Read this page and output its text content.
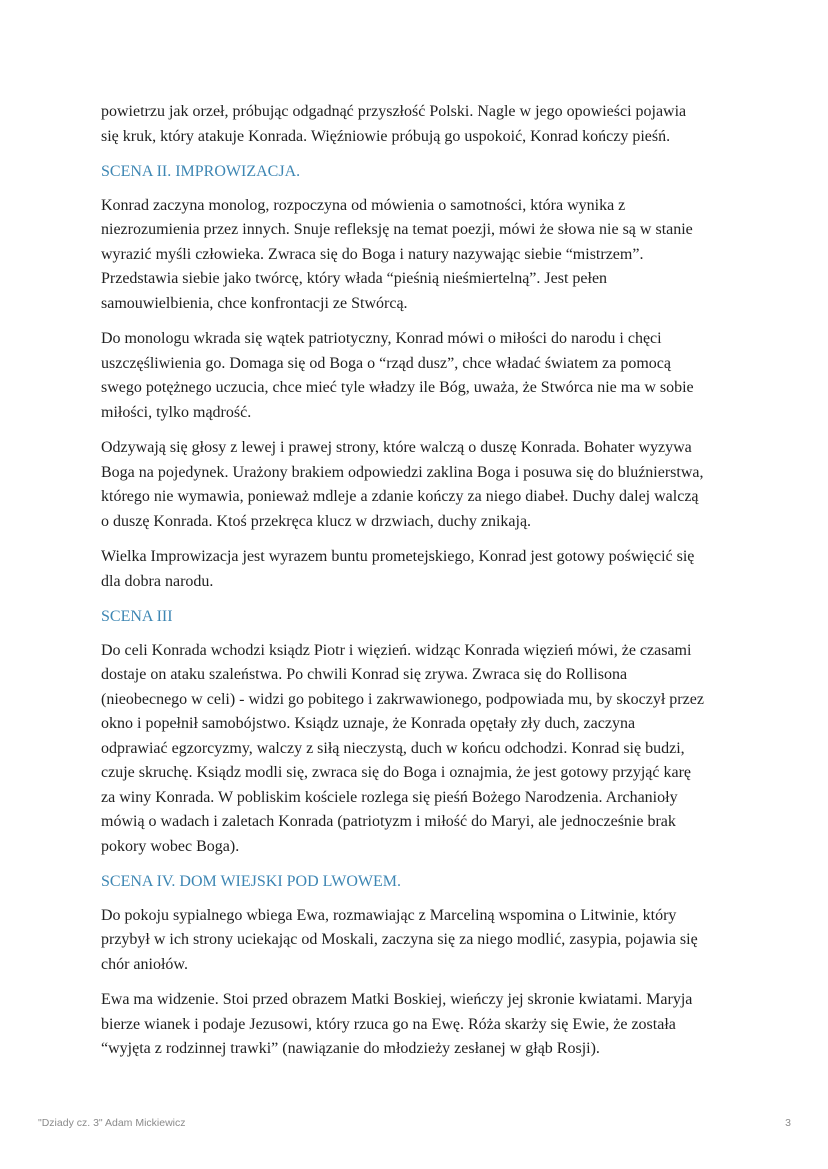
powietrzu jak orzeł, próbując odgadnąć przyszłość Polski. Nagle w jego opowieści pojawia
się kruk, który atakuje Konrada. Więźniowie próbują go uspokoić, Konrad kończy pieśń.
SCENA II. IMPROWIZACJA.
Konrad zaczyna monolog, rozpoczyna od mówienia o samotności, która wynika z
niezrozumienia przez innych. Snuje refleksję na temat poezji, mówi że słowa nie są w stanie
wyrazić myśli człowieka. Zwraca się do Boga i natury nazywając siebie “mistrzem”.
Przedstawia siebie jako twórcę, który włada “pieśnią nieśmiertelną”. Jest pełen
samouwielbienia, chce konfrontacji ze Stwórcą.
Do monologu wkrada się wątek patriotyczny, Konrad mówi o miłości do narodu i chęci
uszczęśliwienia go. Domaga się od Boga o “rząd dusz”, chce władać światem za pomocą
swego potężnego uczucia, chce mieć tyle władzy ile Bóg, uważa, że Stwórca nie ma w sobie
miłości, tylko mądrość.
Odzywają się głosy z lewej i prawej strony, które walczą o duszę Konrada. Bohater wyzywa
Boga na pojedynek. Urażony brakiem odpowiedzi zaklina Boga i posuwa się do bluźnierstwa,
którego nie wymawia, ponieważ mdleje a zdanie kończy za niego diabeł. Duchy dalej walczą
o duszę Konrada. Ktoś przekręca klucz w drzwiach, duchy znikają.
Wielka Improwizacja jest wyrazem buntu prometejskiego, Konrad jest gotowy poświęcić się
dla dobra narodu.
SCENA III
Do celi Konrada wchodzi ksiądz Piotr i więzień. widząc Konrada więzień mówi, że czasami
dostaje on ataku szaleństwa. Po chwili Konrad się zrywa. Zwraca się do Rollisona
(nieobecnego w celi) - widzi go pobitego i zakrwawionego, podpowiada mu, by skoczył przez
okno i popełnił samobójstwo. Ksiądz uznaje, że Konrada opętały zły duch, zaczyna
odprawiać egzorcyzmy, walczy z siłą nieczystą, duch w końcu odchodzi. Konrad się budzi,
czuje skruchę. Ksiądz modli się, zwraca się do Boga i oznajmia, że jest gotowy przyjąć karę
za winy Konrada. W pobliskim kościele rozlega się pieśń Bożego Narodzenia. Archanioły
mówią o wadach i zaletach Konrada (patriotyzm i miłość do Maryi, ale jednocześnie brak
pokory wobec Boga).
SCENA IV. DOM WIEJSKI POD LWOWEM.
Do pokoju sypialnego wbiega Ewa, rozmawiając z Marceliną wspomina o Litwinie, który
przybył w ich strony uciekając od Moskali, zaczyna się za niego modlić, zasypia, pojawia się
chór aniołów.
Ewa ma widzenie. Stoi przed obrazem Matki Boskiej, wieńczy jej skronie kwiatami. Maryja
bierze wianek i podaje Jezusowi, który rzuca go na Ewę. Róża skarży się Ewie, że została
“wyjęta z rodzinnej trawki” (nawiązanie do młodzieży zesłanej w głąb Rosji).
"Dziady cz. 3" Adam Mickiewicz	3
